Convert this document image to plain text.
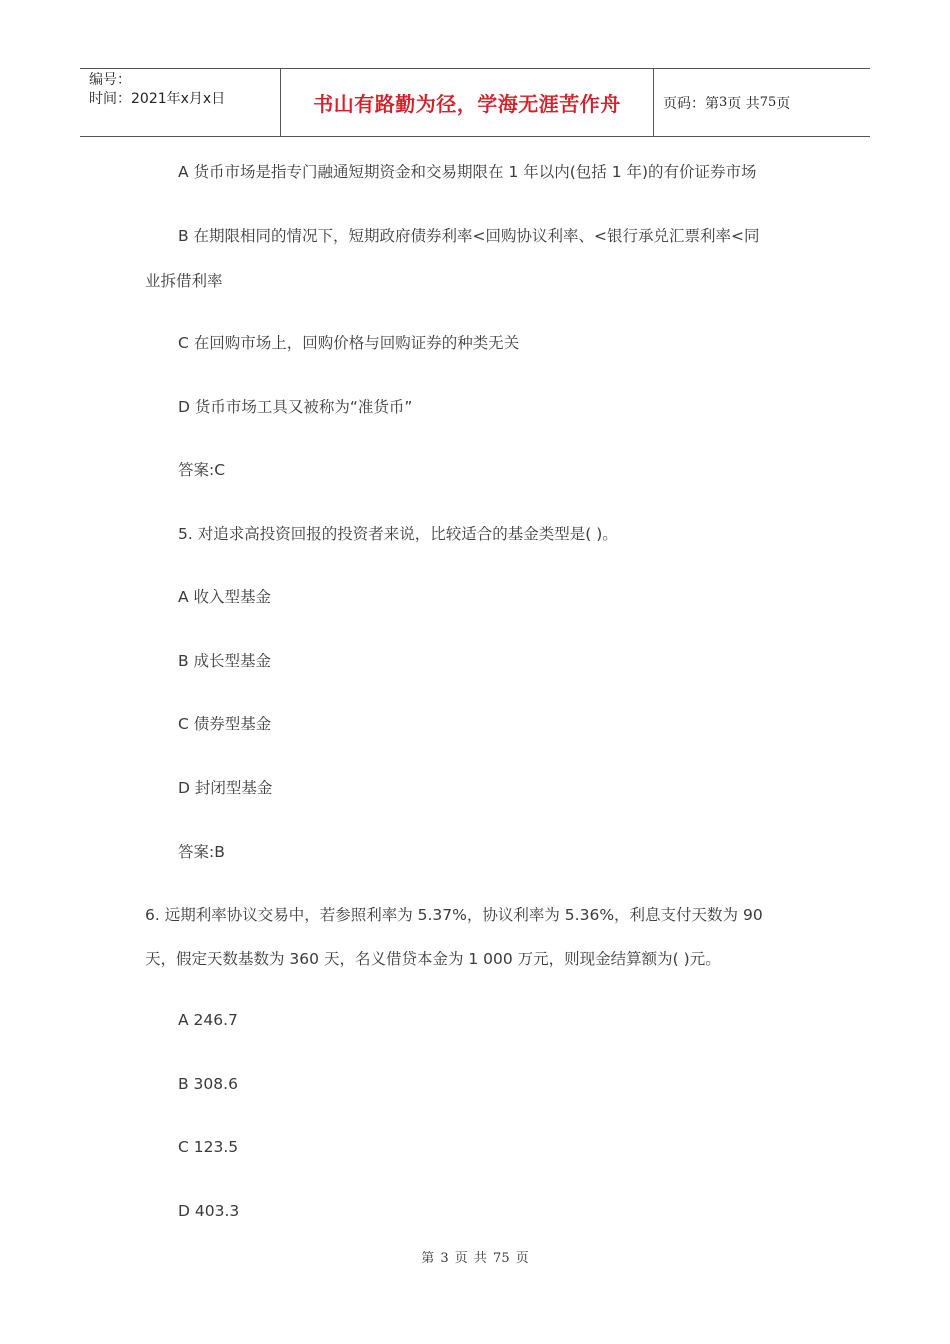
编号：
时间：2021年x月x日	书山有路勤为径，学海无涯苦作舟	页码：第 3 页 共 75 页
A 货币市场是指专门融通短期资金和交易期限在 1 年以内(包括 1 年)的有价证券市场
B 在期限相同的情况下，短期政府债券利率<回购协议利率、<银行承兑汇票利率<同
业拆借利率
C 在回购市场上，回购价格与回购证券的种类无关
D 货币市场工具又被称为“准货币”
答案:C
5. 对追求高投资回报的投资者来说，比较适合的基金类型是( )。
A 收入型基金
B 成长型基金
C 债券型基金
D 封闭型基金
答案:B
6. 远期利率协议交易中，若参照利率为 5.37%，协议利率为 5.36%，利息支付天数为 90
天，假定天数基数为 360 天，名义借贷本金为 1 000 万元，则现金结算额为( )元。
A 246.7
B 308.6
C 123.5
D 403.3
第 3 页 共 75 页
